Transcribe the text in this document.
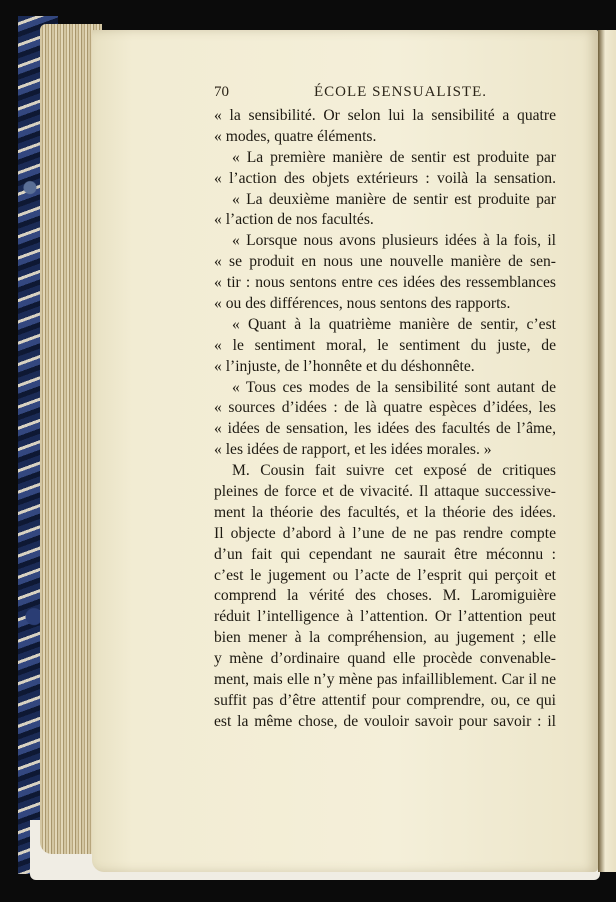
70	ÉCOLE SENSUALISTE.
« la sensibilité. Or selon lui la sensibilité a quatre
« modes, quatre éléments.
« La première manière de sentir est produite par
« l’action des objets extérieurs : voilà la sensation.
« La deuxième manière de sentir est produite par
« l’action de nos facultés.
« Lorsque nous avons plusieurs idées à la fois, il
« se produit en nous une nouvelle manière de sen-
« tir : nous sentons entre ces idées des ressemblances
« ou des différences, nous sentons des rapports.
« Quant à la quatrième manière de sentir, c’est
« le sentiment moral, le sentiment du juste, de
« l’injuste, de l’honnête et du déshonnête.
« Tous ces modes de la sensibilité sont autant de
« sources d’idées : de là quatre espèces d’idées, les
« idées de sensation, les idées des facultés de l’âme,
« les idées de rapport, et les idées morales. »
M. Cousin fait suivre cet exposé de critiques
pleines de force et de vivacité. Il attaque successive-
ment la théorie des facultés, et la théorie des idées.
Il objecte d’abord à l’une de ne pas rendre compte
d’un fait qui cependant ne saurait être méconnu :
c’est le jugement ou l’acte de l’esprit qui perçoit et
comprend la vérité des choses. M. Laromiguière
réduit l’intelligence à l’attention. Or l’attention peut
bien mener à la compréhension, au jugement ; elle
y mène d’ordinaire quand elle procède convenable-
ment, mais elle n’y mène pas infailliblement. Car il ne
suffit pas d’être attentif pour comprendre, ou, ce qui
est la même chose, de vouloir savoir pour savoir : il
